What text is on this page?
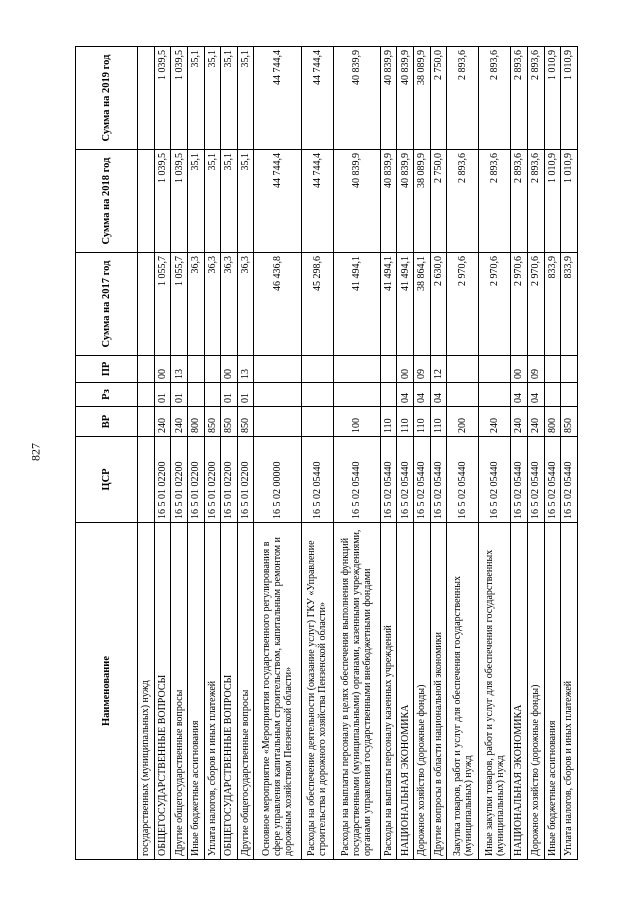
827
Наименование	ЦСР	ВР	Рз	ПР	Сумма на 2017 год	Сумма на 2018 год	Сумма на 2019 год
государственных (муниципальных) нужд							
ОБЩЕГОСУДАРСТВЕННЫЕ ВОПРОСЫ	16 5 01 02200	240	01	00	1 055,7	1 039,5	1 039,5
Другие общегосударственные вопросы	16 5 01 02200	240	01	13	1 055,7	1 039,5	1 039,5
Иные бюджетные ассигнования	16 5 01 02200	800			36,3	35,1	35,1
Уплата налогов, сборов и иных платежей	16 5 01 02200	850			36,3	35,1	35,1
ОБЩЕГОСУДАРСТВЕННЫЕ ВОПРОСЫ	16 5 01 02200	850	01	00	36,3	35,1	35,1
Другие общегосударственные вопросы	16 5 01 02200	850	01	13	36,3	35,1	35,1
Основное мероприятие «Мероприятия государственного регулирования в сфере управления капитальным строительством, капитальным ремонтом и дорожным хозяйством Пензенской области»	16 5 02 00000				46 436,8	44 744,4	44 744,4
Расходы на обеспечение деятельности (оказание услуг) ГКУ «Управление строительства и дорожного хозяйства Пензенской области»	16 5 02 05440				45 298,6	44 744,4	44 744,4
Расходы на выплаты персоналу в целях обеспечения выполнения функций государственными (муниципальными) органами, казенными учреждениями, органами управления государственными внебюджетными фондами	16 5 02 05440	100			41 494,1	40 839,9	40 839,9
Расходы на выплаты персоналу казенных учреждений	16 5 02 05440	110			41 494,1	40 839,9	40 839,9
НАЦИОНАЛЬНАЯ ЭКОНОМИКА	16 5 02 05440	110	04	00	41 494,1	40 839,9	40 839,9
Дорожное хозяйство (дорожные фонды)	16 5 02 05440	110	04	09	38 864,1	38 089,9	38 089,9
Другие вопросы в области национальной экономики	16 5 02 05440	110	04	12	2 630,0	2 750,0	2 750,0
Закупка товаров, работ и услуг для обеспечения государственных (муниципальных) нужд	16 5 02 05440	200			2 970,6	2 893,6	2 893,6
Иные закупки товаров, работ и услуг для обеспечения государственных (муниципальных) нужд	16 5 02 05440	240			2 970,6	2 893,6	2 893,6
НАЦИОНАЛЬНАЯ ЭКОНОМИКА	16 5 02 05440	240	04	00	2 970,6	2 893,6	2 893,6
Дорожное хозяйство (дорожные фонды)	16 5 02 05440	240	04	09	2 970,6	2 893,6	2 893,6
Иные бюджетные ассигнования	16 5 02 05440	800			833,9	1 010,9	1 010,9
Уплата налогов, сборов и иных платежей	16 5 02 05440	850			833,9	1 010,9	1 010,9
